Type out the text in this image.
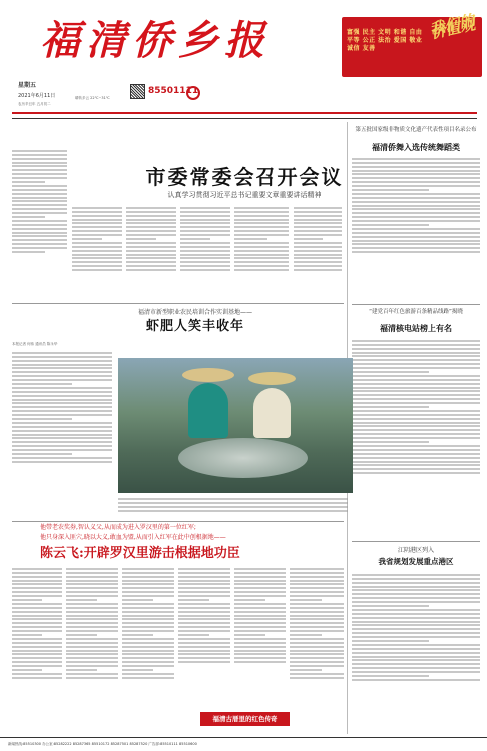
福清侨乡报
星期五
2021年6月11日
农历辛丑年 五月初二
晴转多云 22℃~31℃
85501111
富强 民主 文明 和谐 自由 平等 公正 法治 爱国 敬业 诚信 友善
我们的价值观
市委常委会召开会议
认真学习贯彻习近平总书记重要文章重要讲话精神
第五批国家级非物质文化遗产代表性项目名录公布
福清侨舞入选传统舞蹈类
“建党百年红色旅游百条精品线路”揭晓
福清核电站榜上有名
江阴港区列入
我省规划发展重点港区
福清市新型职业农民培训合作实训基地——
虾肥人笑丰收年
本报记者 何伟 通讯员 陈永华
他带老农奖券,智认义父,从而成为进入罗汉里的第一位红军;
他只身深入匪穴,晓以大义,敢血为盟,从而引入红军在此中创根据地——
陈云飞:开辟罗汉里游击根据地功臣
福清古厝里的红色传奇
新闻热线:85510300 办公室:85282222 85287365 85510172 85287501 85287520 广告部:85510111 85510600
